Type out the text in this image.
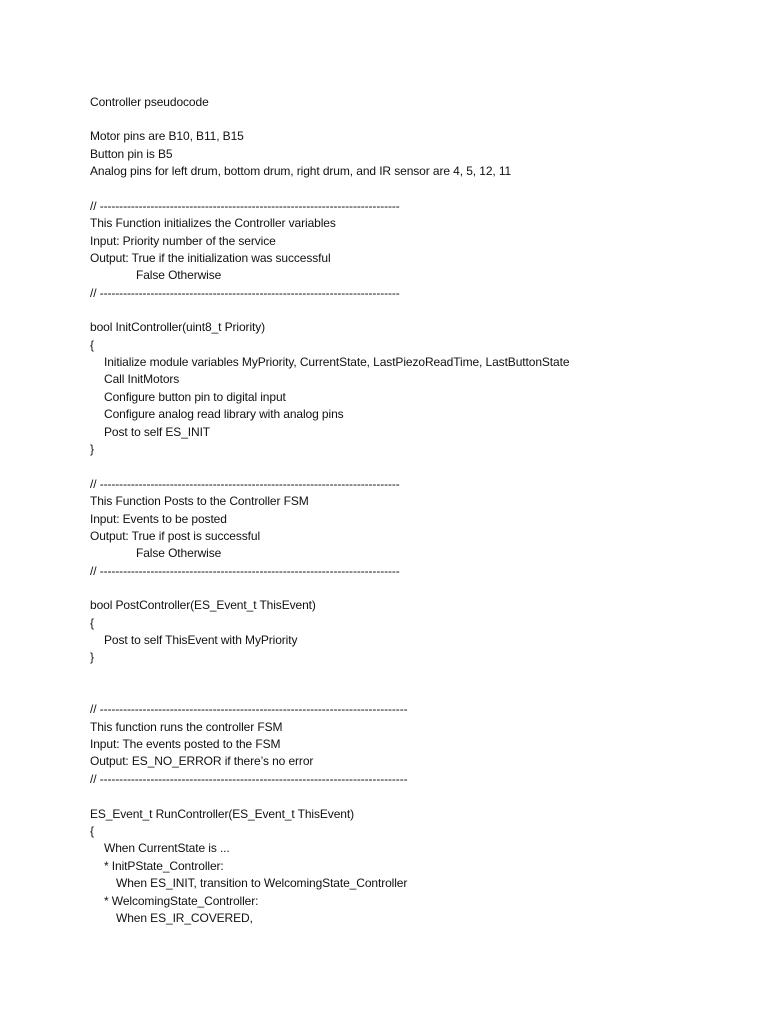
Controller pseudocode
Motor pins are B10, B11, B15
Button pin is B5
Analog pins for left drum, bottom drum, right drum, and IR sensor are 4, 5, 12, 11
// -----------------------------------------------------------------------------
This Function initializes the Controller variables
Input: Priority number of the service
Output: True if the initialization was successful
False Otherwise
// -----------------------------------------------------------------------------
bool InitController(uint8_t Priority)
{
Initialize module variables MyPriority, CurrentState, LastPiezoReadTime, LastButtonState
Call InitMotors
Configure button pin to digital input
Configure analog read library with analog pins
Post to self ES_INIT
}
// -----------------------------------------------------------------------------
This Function Posts to the Controller FSM
Input: Events to be posted
Output: True if post is successful
False Otherwise
// -----------------------------------------------------------------------------
bool PostController(ES_Event_t ThisEvent)
{
Post to self ThisEvent with MyPriority
}
// -------------------------------------------------------------------------------
This function runs the controller FSM
Input: The events posted to the FSM
Output: ES_NO_ERROR if there’s no error
// -------------------------------------------------------------------------------
ES_Event_t RunController(ES_Event_t ThisEvent)
{
When CurrentState is ...
* InitPState_Controller:
When ES_INIT, transition to WelcomingState_Controller
* WelcomingState_Controller:
When ES_IR_COVERED,
